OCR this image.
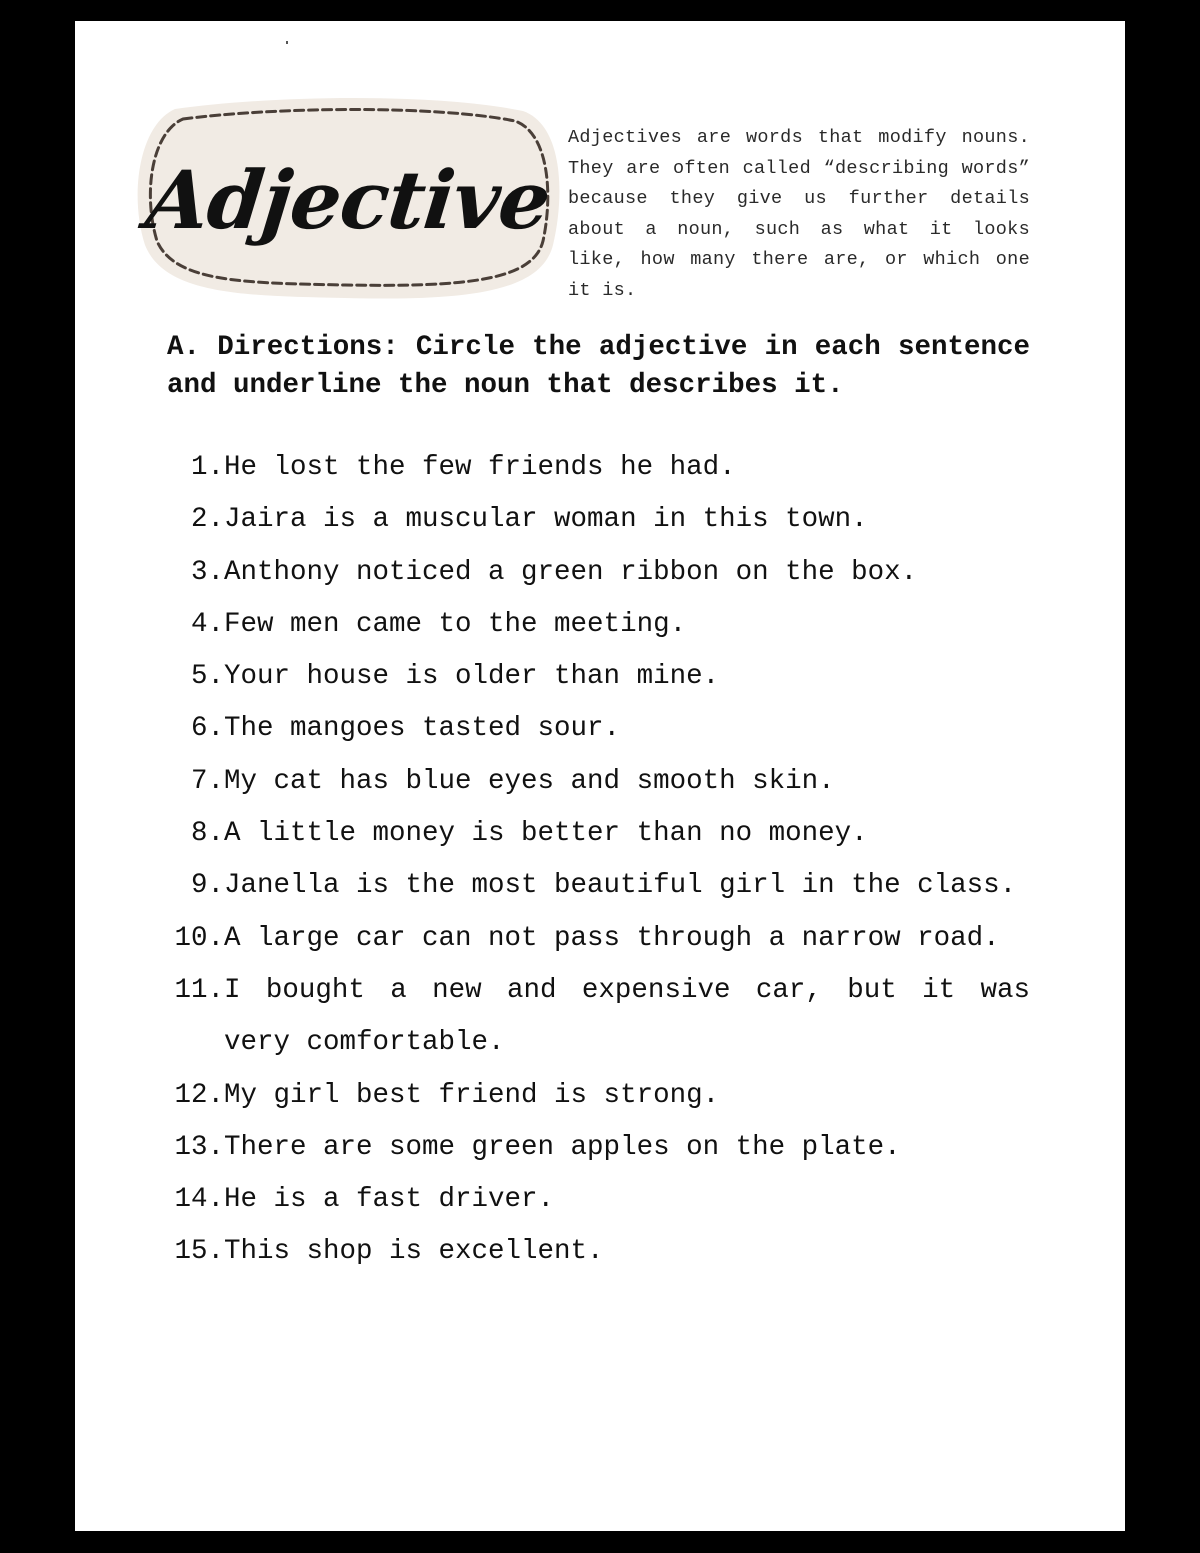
Adjective

Adjectives are words that modify nouns. They are often called “describing words” because they give us further details about a noun, such as what it looks like, how many there are, or which one it is.

A. Directions: Circle the adjective in each sentence and underline the noun that describes it.

1. He lost the few friends he had.
2. Jaira is a muscular woman in this town.
3. Anthony noticed a green ribbon on the box.
4. Few men came to the meeting.
5. Your house is older than mine.
6. The mangoes tasted sour.
7. My cat has blue eyes and smooth skin.
8. A little money is better than no money.
9. Janella is the most beautiful girl in the class.
10. A large car can not pass through a narrow road.
11. I bought a new and expensive car, but it was very comfortable.
12. My girl best friend is strong.
13. There are some green apples on the plate.
14. He is a fast driver.
15. This shop is excellent.
